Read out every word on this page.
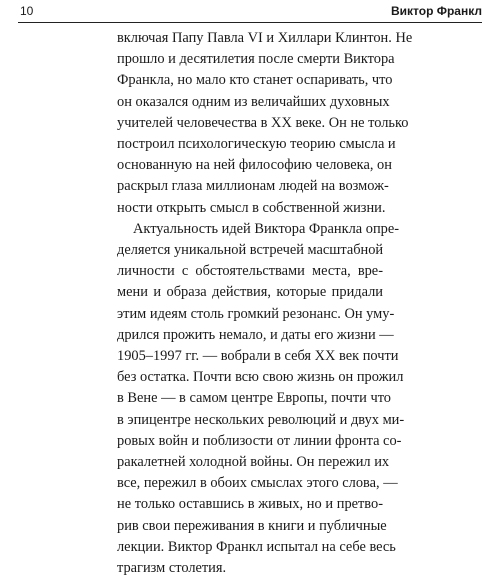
10	Виктор Франкл

включая Папу Павла VI и Хиллари Клинтон. Не
прошло и десятилетия после смерти Виктора
Франкла, но мало кто станет оспаривать, что
он оказался одним из величайших духовных
учителей человечества в XX веке. Он не только
построил психологическую теорию смысла и
основанную на ней философию человека, он
раскрыл глаза миллионам людей на возмож-
ности открыть смысл в собственной жизни.

Актуальность идей Виктора Франкла опре-
деляется уникальной встречей масштабной
личности с обстоятельствами места, вре-
мени и образа действия, которые придали
этим идеям столь громкий резонанс. Он уму-
дрился прожить немало, и даты его жизни —
1905–1997 гг. — вобрали в себя XX век почти
без остатка. Почти всю свою жизнь он прожил
в Вене — в самом центре Европы, почти что
в эпицентре нескольких революций и двух ми-
ровых войн и поблизости от линии фронта со-
ракалетней холодной войны. Он пережил их
все, пережил в обоих смыслах этого слова, —
не только оставшись в живых, но и претво-
рив свои переживания в книги и публичные
лекции. Виктор Франкл испытал на себе весь
трагизм столетия.
